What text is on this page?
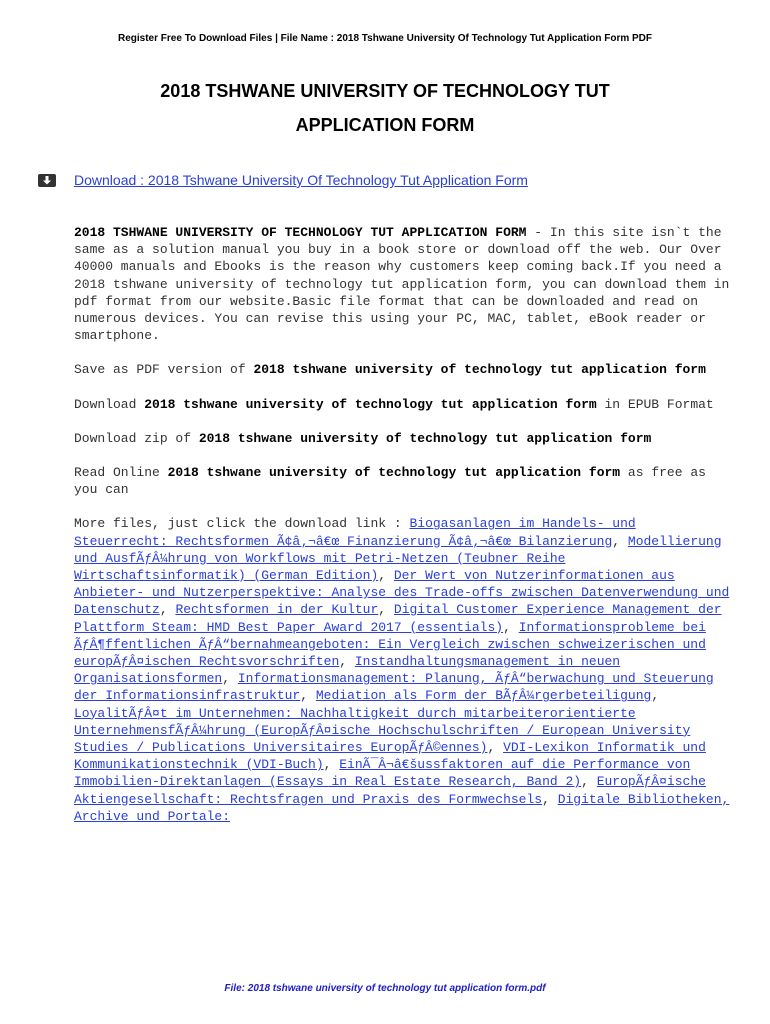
Register Free To Download Files | File Name : 2018 Tshwane University Of Technology Tut Application Form PDF
2018 TSHWANE UNIVERSITY OF TECHNOLOGY TUT
APPLICATION FORM
Download : 2018 Tshwane University Of Technology Tut Application Form

2018 TSHWANE UNIVERSITY OF TECHNOLOGY TUT APPLICATION FORM - In this site isn`t the same as a solution manual you buy in a book store or download off the web. Our Over 40000 manuals and Ebooks is the reason why customers keep coming back.If you need a 2018 tshwane university of technology tut application form, you can download them in pdf format from our website.Basic file format that can be downloaded and read on numerous devices. You can revise this using your PC, MAC, tablet, eBook reader or smartphone.

Save as PDF version of 2018 tshwane university of technology tut application form

Download 2018 tshwane university of technology tut application form in EPUB Format

Download zip of 2018 tshwane university of technology tut application form

Read Online 2018 tshwane university of technology tut application form as free as you can

More files, just click the download link : Biogasanlagen im Handels- und Steuerrecht: Rechtsformen Ã¢â‚¬â€œ Finanzierung Ã¢â‚¬â€œ Bilanzierung, Modellierung und AusfÃƒÂ¼hrung von Workflows mit Petri-Netzen (Teubner Reihe Wirtschaftsinformatik) (German Edition), Der Wert von Nutzerinformationen aus Anbieter- und Nutzerperspektive: Analyse des Trade-offs zwischen Datenverwendung und Datenschutz, Rechtsformen in der Kultur, Digital Customer Experience Management der Plattform Steam: HMD Best Paper Award 2017 (essentials), Informationsprobleme bei ÃƒÂ¶ffentlichen ÃƒÂ“bernahmeangeboten: Ein Vergleich zwischen schweizerischen und europÃƒÂ¤ischen Rechtsvorschriften, Instandhaltungsmanagement in neuen Organisationsformen, Informationsmanagement: Planung, ÃƒÂ“berwachung und Steuerung der Informationsinfrastruktur, Mediation als Form der BÃƒÂ¼rgerbeteiligung, LoyalitÃƒÂ¤t im Unternehmen: Nachhaltigkeit durch mitarbeiterorientierte UnternehmensfÃƒÂ¼hrung (EuropÃƒÂ¤ische Hochschulschriften / European University Studies / Publications Universitaires EuropÃƒÂ©ennes), VDI-Lexikon Informatik und Kommunikationstechnik (VDI-Buch), EinÃ¯Â¬â€šussfaktoren auf die Performance von Immobilien-Direktanlagen (Essays in Real Estate Research, Band 2), EuropÃƒÂ¤ische Aktiengesellschaft: Rechtsfragen und Praxis des Formwechsels, Digitale Bibliotheken, Archive und Portale:

File: 2018 tshwane university of technology tut application form.pdf
